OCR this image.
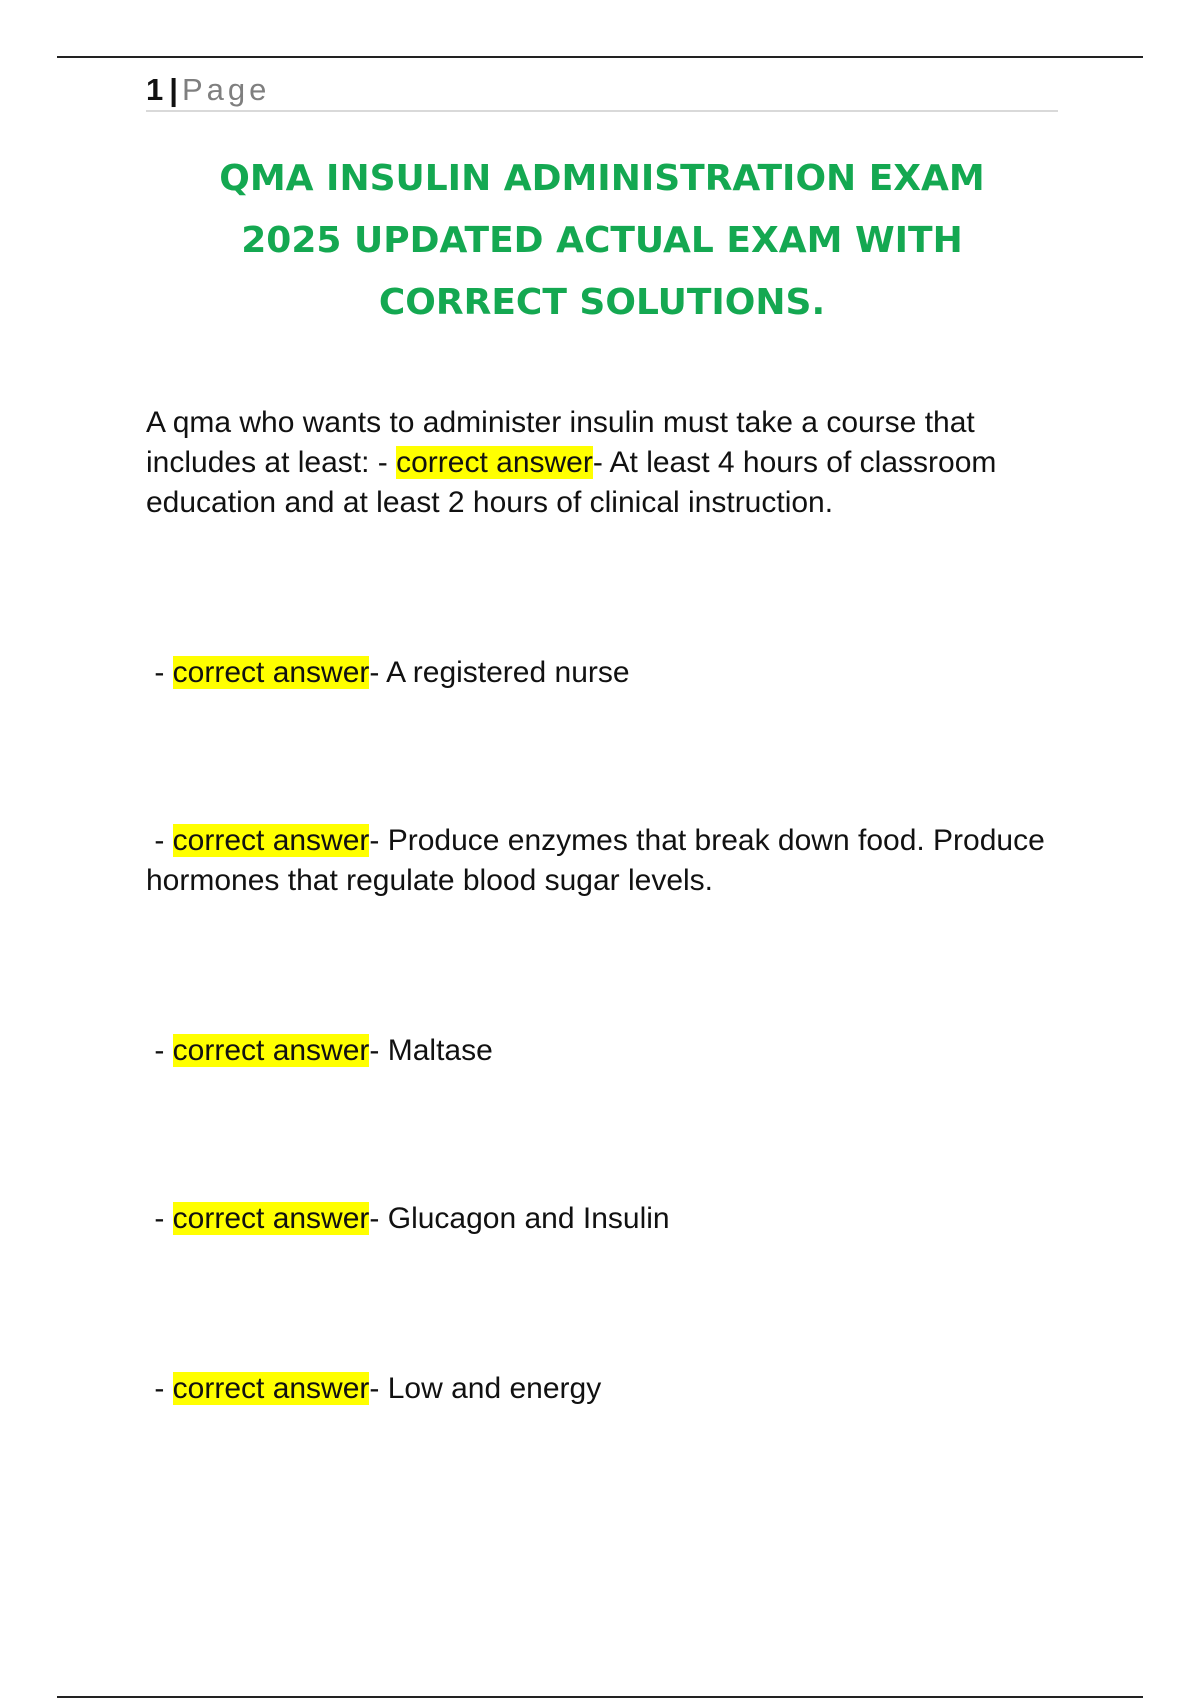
1 | Page
QMA INSULIN ADMINISTRATION EXAM
2025 UPDATED ACTUAL EXAM WITH
CORRECT SOLUTIONS.
A qma who wants to administer insulin must take a course that includes at least: - correct answer- At least 4 hours of classroom education and at least 2 hours of clinical instruction.
- correct answer- A registered nurse
- correct answer- Produce enzymes that break down food. Produce hormones that regulate blood sugar levels.
- correct answer- Maltase
- correct answer- Glucagon and Insulin
- correct answer- Low and energy
